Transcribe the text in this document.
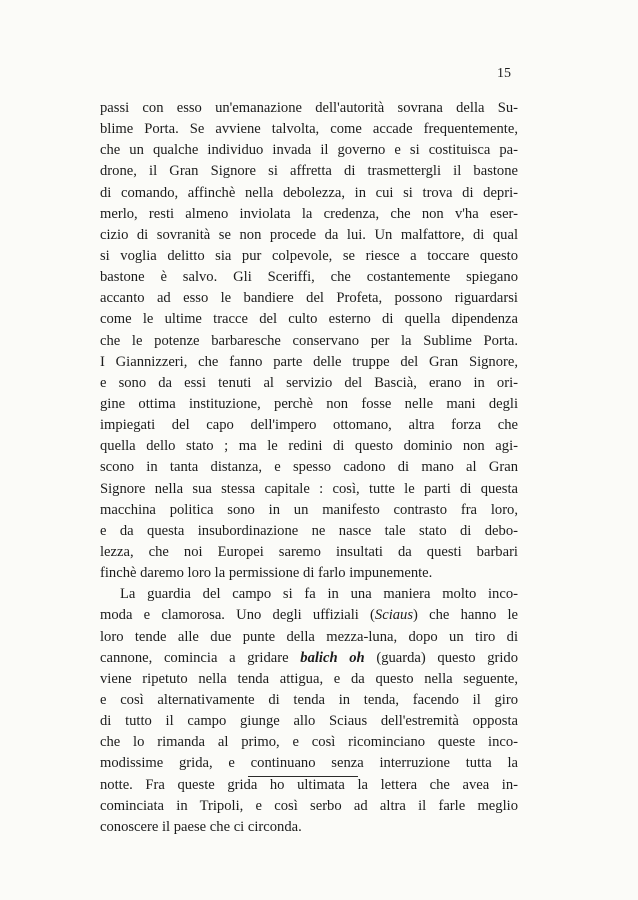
15
passi con esso un'emanazione dell'autorità sovrana della Su-
blime Porta. Se avviene talvolta, come accade frequentemente,
che un qualche individuo invada il governo e si costituisca pa-
drone, il Gran Signore si affretta di trasmettergli il bastone
di comando, affinchè nella debolezza, in cui si trova di depri-
merlo, resti almeno inviolata la credenza, che non v'ha eser-
cizio di sovranità se non procede da lui. Un malfattore, di qual
si voglia delitto sia pur colpevole, se riesce a toccare questo
bastone è salvo. Gli Sceriffi, che costantemente spiegano
accanto ad esso le bandiere del Profeta, possono riguardarsi
come le ultime tracce del culto esterno di quella dipendenza
che le potenze barbaresche conservano per la Sublime Porta.
I Giannizzeri, che fanno parte delle truppe del Gran Signore,
e sono da essi tenuti al servizio del Bascià, erano in ori-
gine ottima instituzione, perchè non fosse nelle mani degli
impiegati del capo dell'impero ottomano, altra forza che
quella dello stato ; ma le redini di questo dominio non agi-
scono in tanta distanza, e spesso cadono di mano al Gran
Signore nella sua stessa capitale : così, tutte le parti di questa
macchina politica sono in un manifesto contrasto fra loro,
e da questa insubordinazione ne nasce tale stato di debo-
lezza, che noi Europei saremo insultati da questi barbari
finchè daremo loro la permissione di farlo impunemente.
La guardia del campo si fa in una maniera molto inco-
moda e clamorosa. Uno degli uffiziali (Sciaus) che hanno le
loro tende alle due punte della mezza-luna, dopo un tiro di
cannone, comincia a gridare balich oh (guarda) questo grido
viene ripetuto nella tenda attigua, e da questo nella seguente,
e così alternativamente di tenda in tenda, facendo il giro
di tutto il campo giunge allo Sciaus dell'estremità opposta
che lo rimanda al primo, e così ricominciano queste inco-
modissime grida, e continuano senza interruzione tutta la
notte. Fra queste grida ho ultimata la lettera che avea in-
cominciata in Tripoli, e così serbo ad altra il farle meglio
conoscere il paese che ci circonda.
